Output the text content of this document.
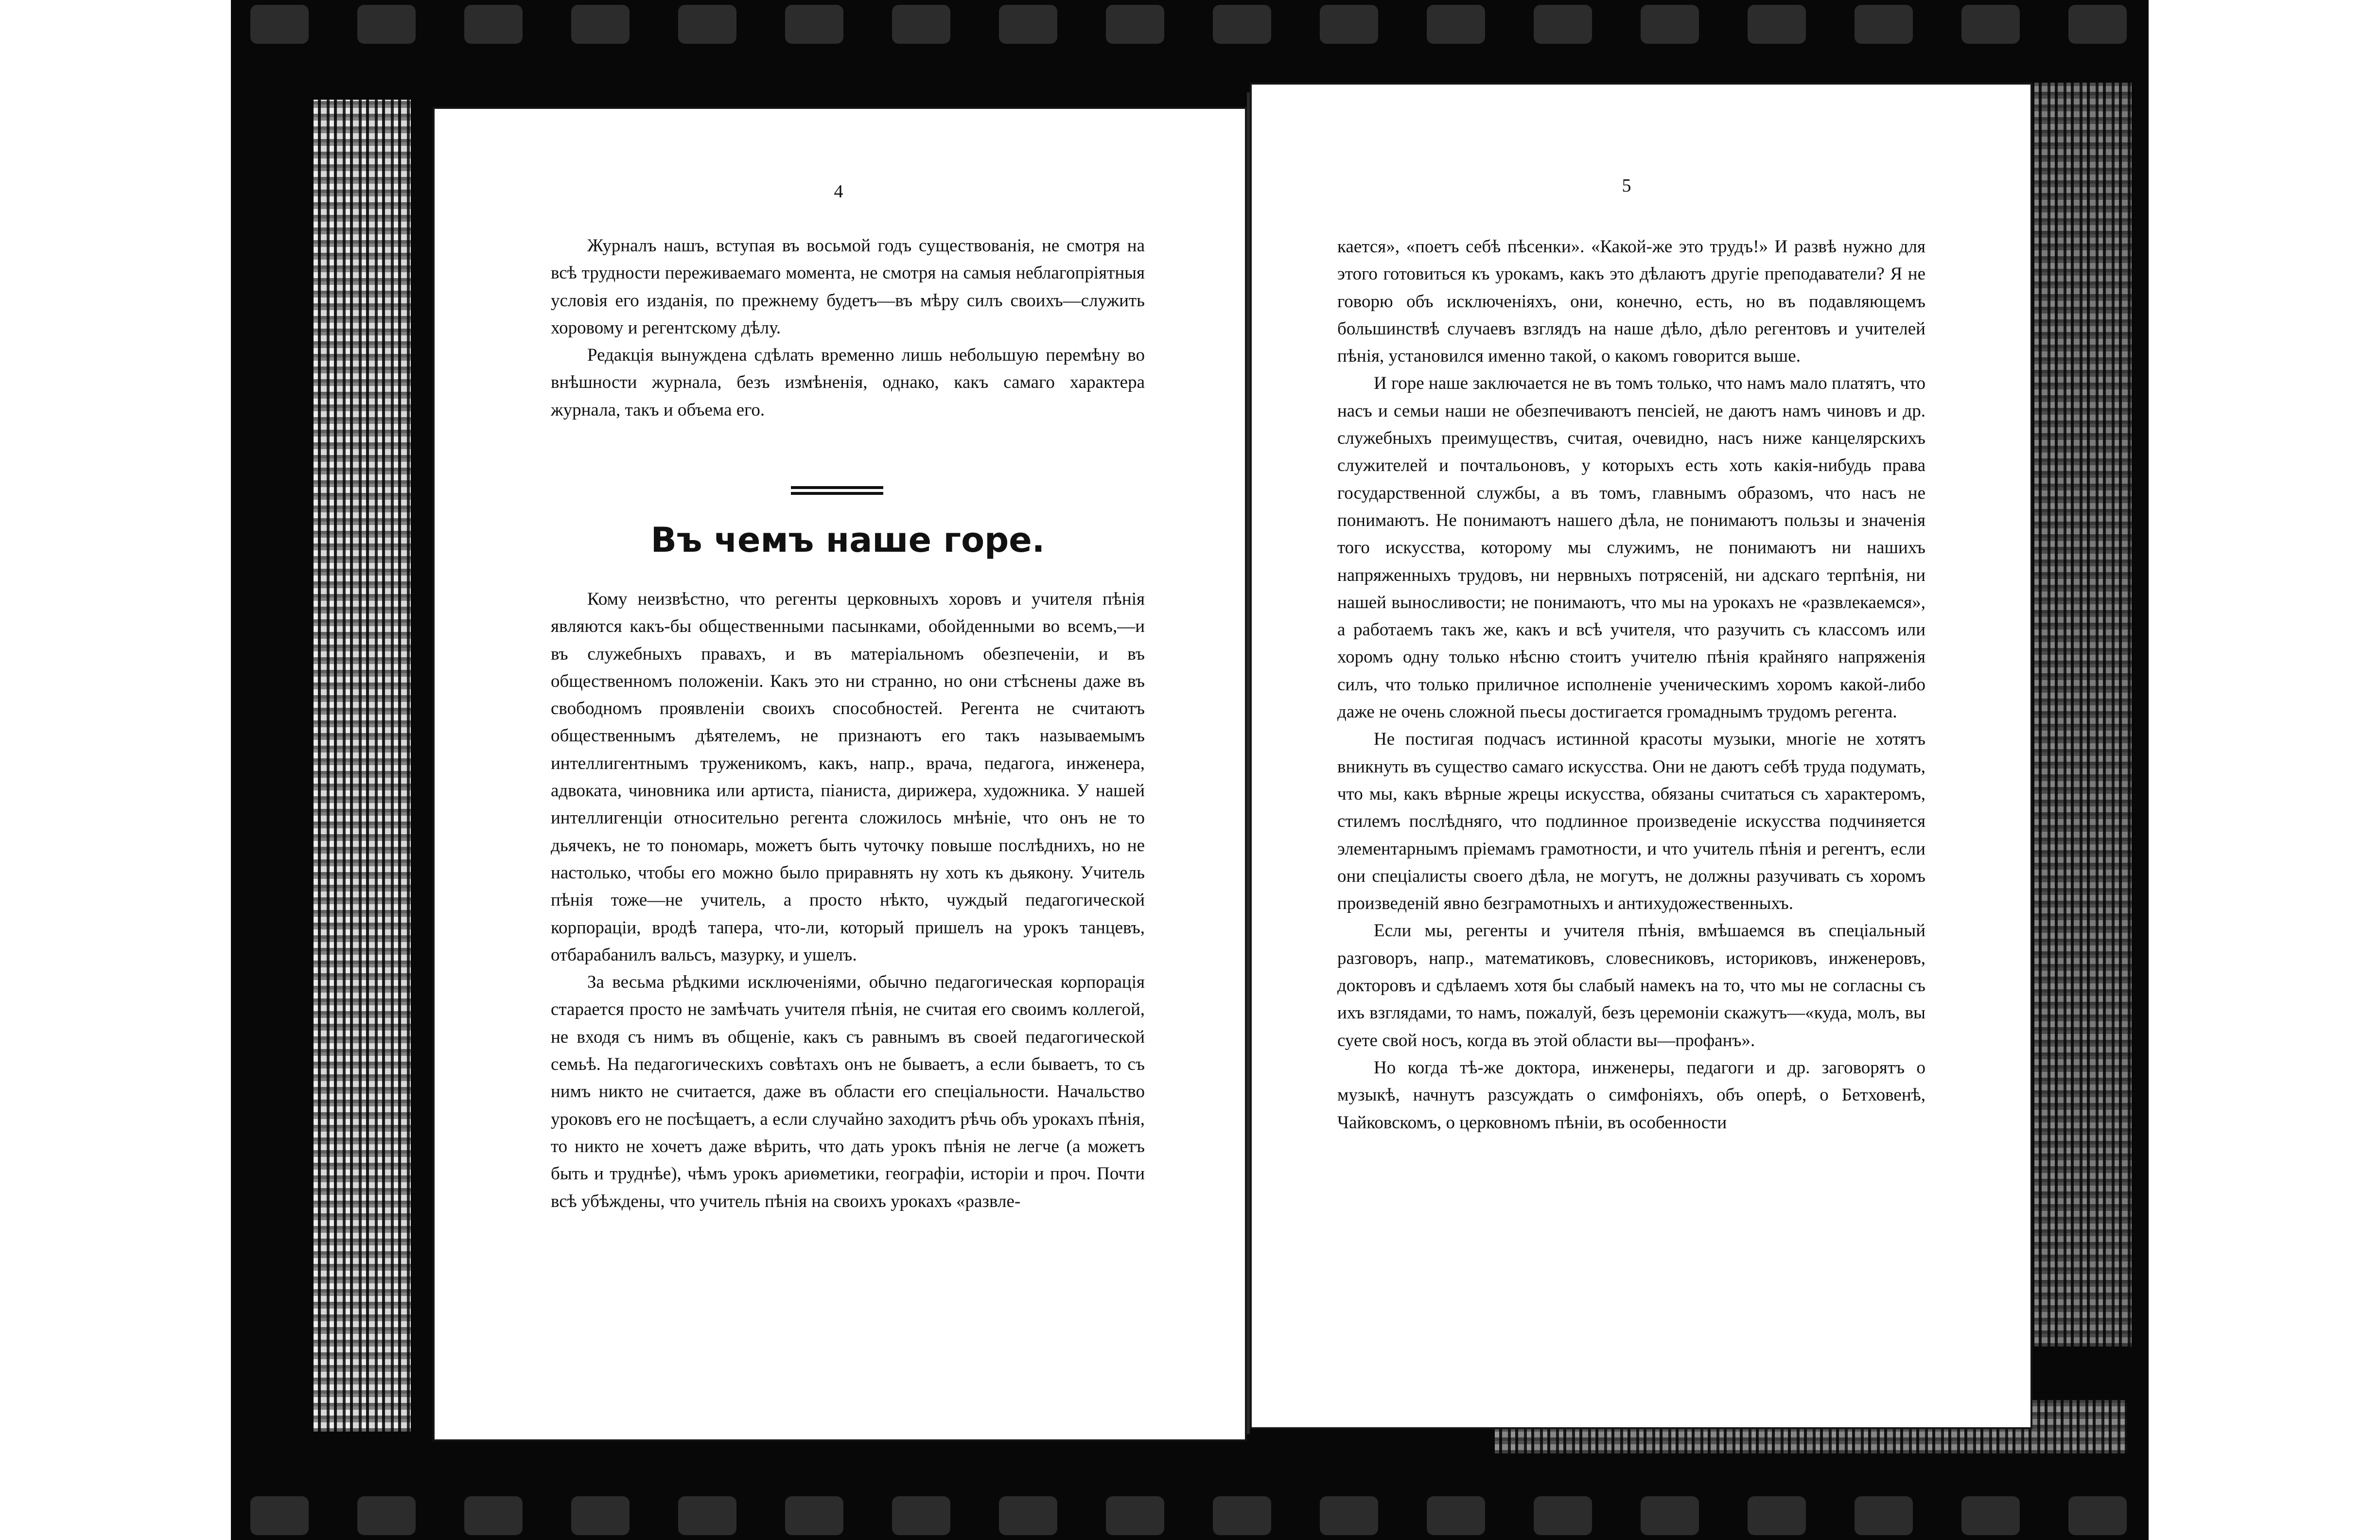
4

Журналъ нашъ, вступая въ восьмой годъ существованія, не смотря на всѣ трудности переживаемаго момента, не смотря на самыя неблагопріятныя условія его изданія, по прежнему будетъ—въ мѣру силъ своихъ—служить хоровому и регентскому дѣлу.

Редакція вынуждена сдѣлать временно лишь небольшую перемѣну во внѣшности журнала, безъ измѣненія, однако, какъ самаго характера журнала, такъ и объема его.

Въ чемъ наше горе.

Кому неизвѣстно, что регенты церковныхъ хоровъ и учителя пѣнія являются какъ-бы общественными пасынками, обойденными во всемъ,—и въ служебныхъ правахъ, и въ матеріальномъ обезпеченіи, и въ общественномъ положеніи. Какъ это ни странно, но они стѣснены даже въ свободномъ проявленіи своихъ способностей. Регента не считаютъ общественнымъ дѣятелемъ, не признаютъ его такъ называемымъ интеллигентнымъ труженикомъ, какъ, напр., врача, педагога, инженера, адвоката, чиновника или артиста, піаниста, дирижера, художника. У нашей интеллигенціи относительно регента сложилось мнѣніе, что онъ не то дьячекъ, не то пономарь, можетъ быть чуточку повыше послѣднихъ, но не настолько, чтобы его можно было приравнять ну хоть къ дьякону. Учитель пѣнія тоже—не учитель, а просто нѣкто, чуждый педагогической корпораціи, вродѣ тапера, что-ли, который пришелъ на урокъ танцевъ, отбарабанилъ вальсъ, мазурку, и ушелъ.

За весьма рѣдкими исключеніями, обычно педагогическая корпорація старается просто не замѣчать учителя пѣнія, не считая его своимъ коллегой, не входя съ нимъ въ общеніе, какъ съ равнымъ въ своей педагогической семьѣ. На педагогическихъ совѣтахъ онъ не бываетъ, а если бываетъ, то съ нимъ никто не считается, даже въ области его спеціальности. Начальство уроковъ его не посѣщаетъ, а если случайно заходитъ рѣчь объ урокахъ пѣнія, то никто не хочетъ даже вѣрить, что дать урокъ пѣнія не легче (а можетъ быть и труднѣе), чѣмъ урокъ ариѳметики, географіи, исторіи и проч. Почти всѣ убѣждены, что учитель пѣнія на своихъ урокахъ «развле-

5

кается», «поетъ себѣ пѣсенки». «Какой-же это трудъ!» И развѣ нужно для этого готовиться къ урокамъ, какъ это дѣлаютъ другіе преподаватели? Я не говорю объ исключеніяхъ, они, конечно, есть, но въ подавляющемъ большинствѣ случаевъ взглядъ на наше дѣло, дѣло регентовъ и учителей пѣнія, установился именно такой, о какомъ говорится выше.

И горе наше заключается не въ томъ только, что намъ мало платятъ, что насъ и семьи наши не обезпечиваютъ пенсіей, не даютъ намъ чиновъ и др. служебныхъ преимуществъ, считая, очевидно, насъ ниже канцелярскихъ служителей и почтальоновъ, у которыхъ есть хоть какія-нибудь права государственной службы, а въ томъ, главнымъ образомъ, что насъ не понимаютъ. Не понимаютъ нашего дѣла, не понимаютъ пользы и значенія того искусства, которому мы служимъ, не понимаютъ ни нашихъ напряженныхъ трудовъ, ни нервныхъ потрясеній, ни адскаго терпѣнія, ни нашей выносливости; не понимаютъ, что мы на урокахъ не «развлекаемся», а работаемъ такъ же, какъ и всѣ учителя, что разучить съ классомъ или хоромъ одну только нѣсню стоитъ учителю пѣнія крайняго напряженія силъ, что только приличное исполненіе ученическимъ хоромъ какой-либо даже не очень сложной пьесы достигается громаднымъ трудомъ регента.

Не постигая подчасъ истинной красоты музыки, многіе не хотятъ вникнуть въ существо самаго искусства. Они не даютъ себѣ труда подумать, что мы, какъ вѣрные жрецы искусства, обязаны считаться съ характеромъ, стилемъ послѣдняго, что подлинное произведеніе искусства подчиняется элементарнымъ пріемамъ грамотности, и что учитель пѣнія и регентъ, если они спеціалисты своего дѣла, не могутъ, не должны разучивать съ хоромъ произведеній явно безграмотныхъ и антихудожественныхъ.

Если мы, регенты и учителя пѣнія, вмѣшаемся въ спеціальный разговоръ, напр., математиковъ, словесниковъ, историковъ, инженеровъ, докторовъ и сдѣлаемъ хотя бы слабый намекъ на то, что мы не согласны съ ихъ взглядами, то намъ, пожалуй, безъ церемоніи скажутъ—«куда, молъ, вы суете свой носъ, когда въ этой области вы—профанъ».

Но когда тѣ-же доктора, инженеры, педагоги и др. заговорятъ о музыкѣ, начнутъ разсуждать о симфоніяхъ, объ оперѣ, о Бетховенѣ, Чайковскомъ, о церковномъ пѣніи, въ особенности
